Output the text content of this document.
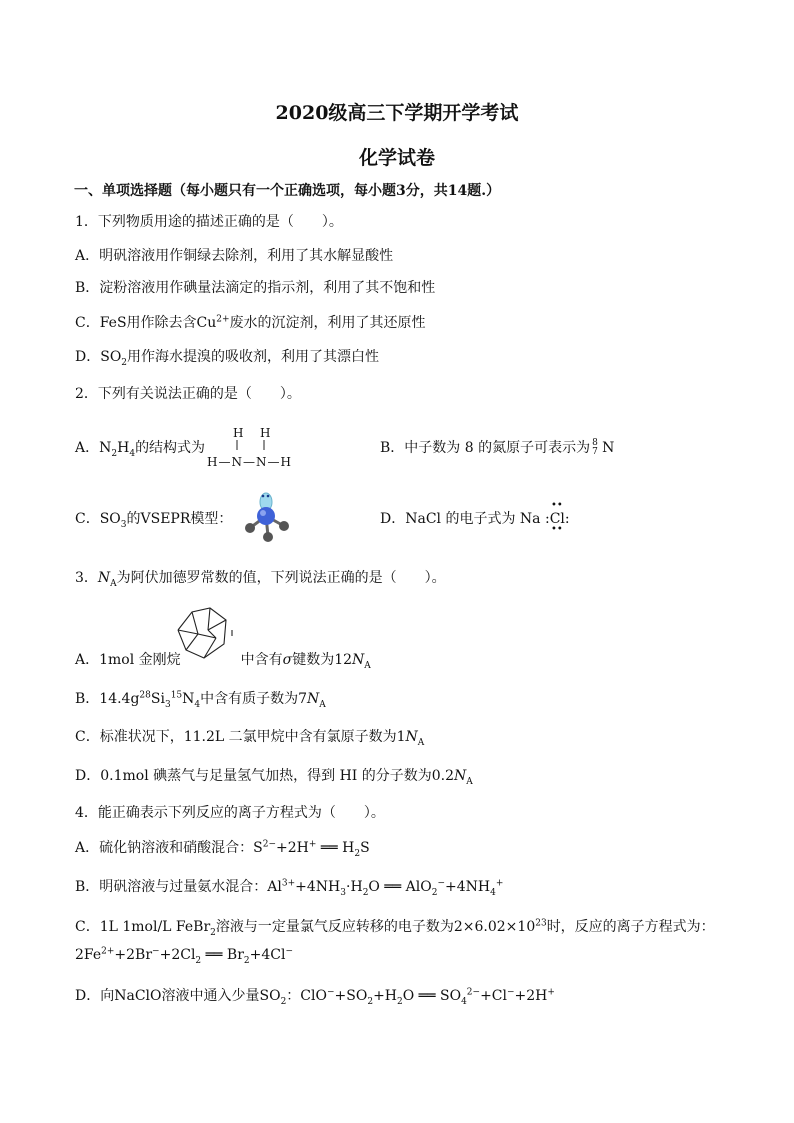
2020级高三下学期开学考试
化学试卷
一、单项选择题（每小题只有一个正确选项，每小题3分，共14题.）
1．下列物质用途的描述正确的是（　　）。
A．明矾溶液用作铜绿去除剂，利用了其水解显酸性
B．淀粉溶液用作碘量法滴定的指示剂，利用了其不饱和性
C．FeS用作除去含$Cu^{2+}$废水的沉淀剂，利用了其还原性
D．$SO_2$用作海水提溴的吸收剂，利用了其漂白性
2．下列有关说法正确的是（　　）。
A．$N_2H_4$的结构式为
H H
H—N—N—H
B．中子数为 8 的氮原子可表示为 8
7 N
C．$SO_3$的VSEPR模型：	D．NaCl 的电子式为 Na :Cl:
••
••
3．$N_A$为阿伏加德罗常数的值，下列说法正确的是（　　）。
A．1mol 金刚烷	中含有σ键数为$12N_A$
B．$14.4g^{28}Si_3^{15}N_4$中含有质子数为$7N_A$
C．标准状况下，11.2L 二氯甲烷中含有氯原子数为$1N_A$
D．0.1mol 碘蒸气与足量氢气加热，得到 HI 的分子数为$0.2N_A$
4．能正确表示下列反应的离子方程式为（　　）。
A．硫化钠溶液和硝酸混合：$S^{2-}+2H^+$ ══ $H_2S$
B．明矾溶液与过量氨水混合：$Al^{3+}+4NH_3\cdot H_2O$ ══ $AlO_2^-+4NH_4^+$
C．1L 1mol/L FeBr$_2$溶液与一定量氯气反应转移的电子数为$2\times 6.02\times 10^{23}$时，反应的离子方程式为：
$2Fe^{2+}+2Br^-+2Cl_2$ ══ $Br_2+4Cl^-$
D．向NaClO溶液中通入少量$SO_2$：$ClO^-+SO_2+H_2O$ ══ $SO_4^{2-}+Cl^-+2H^+$
